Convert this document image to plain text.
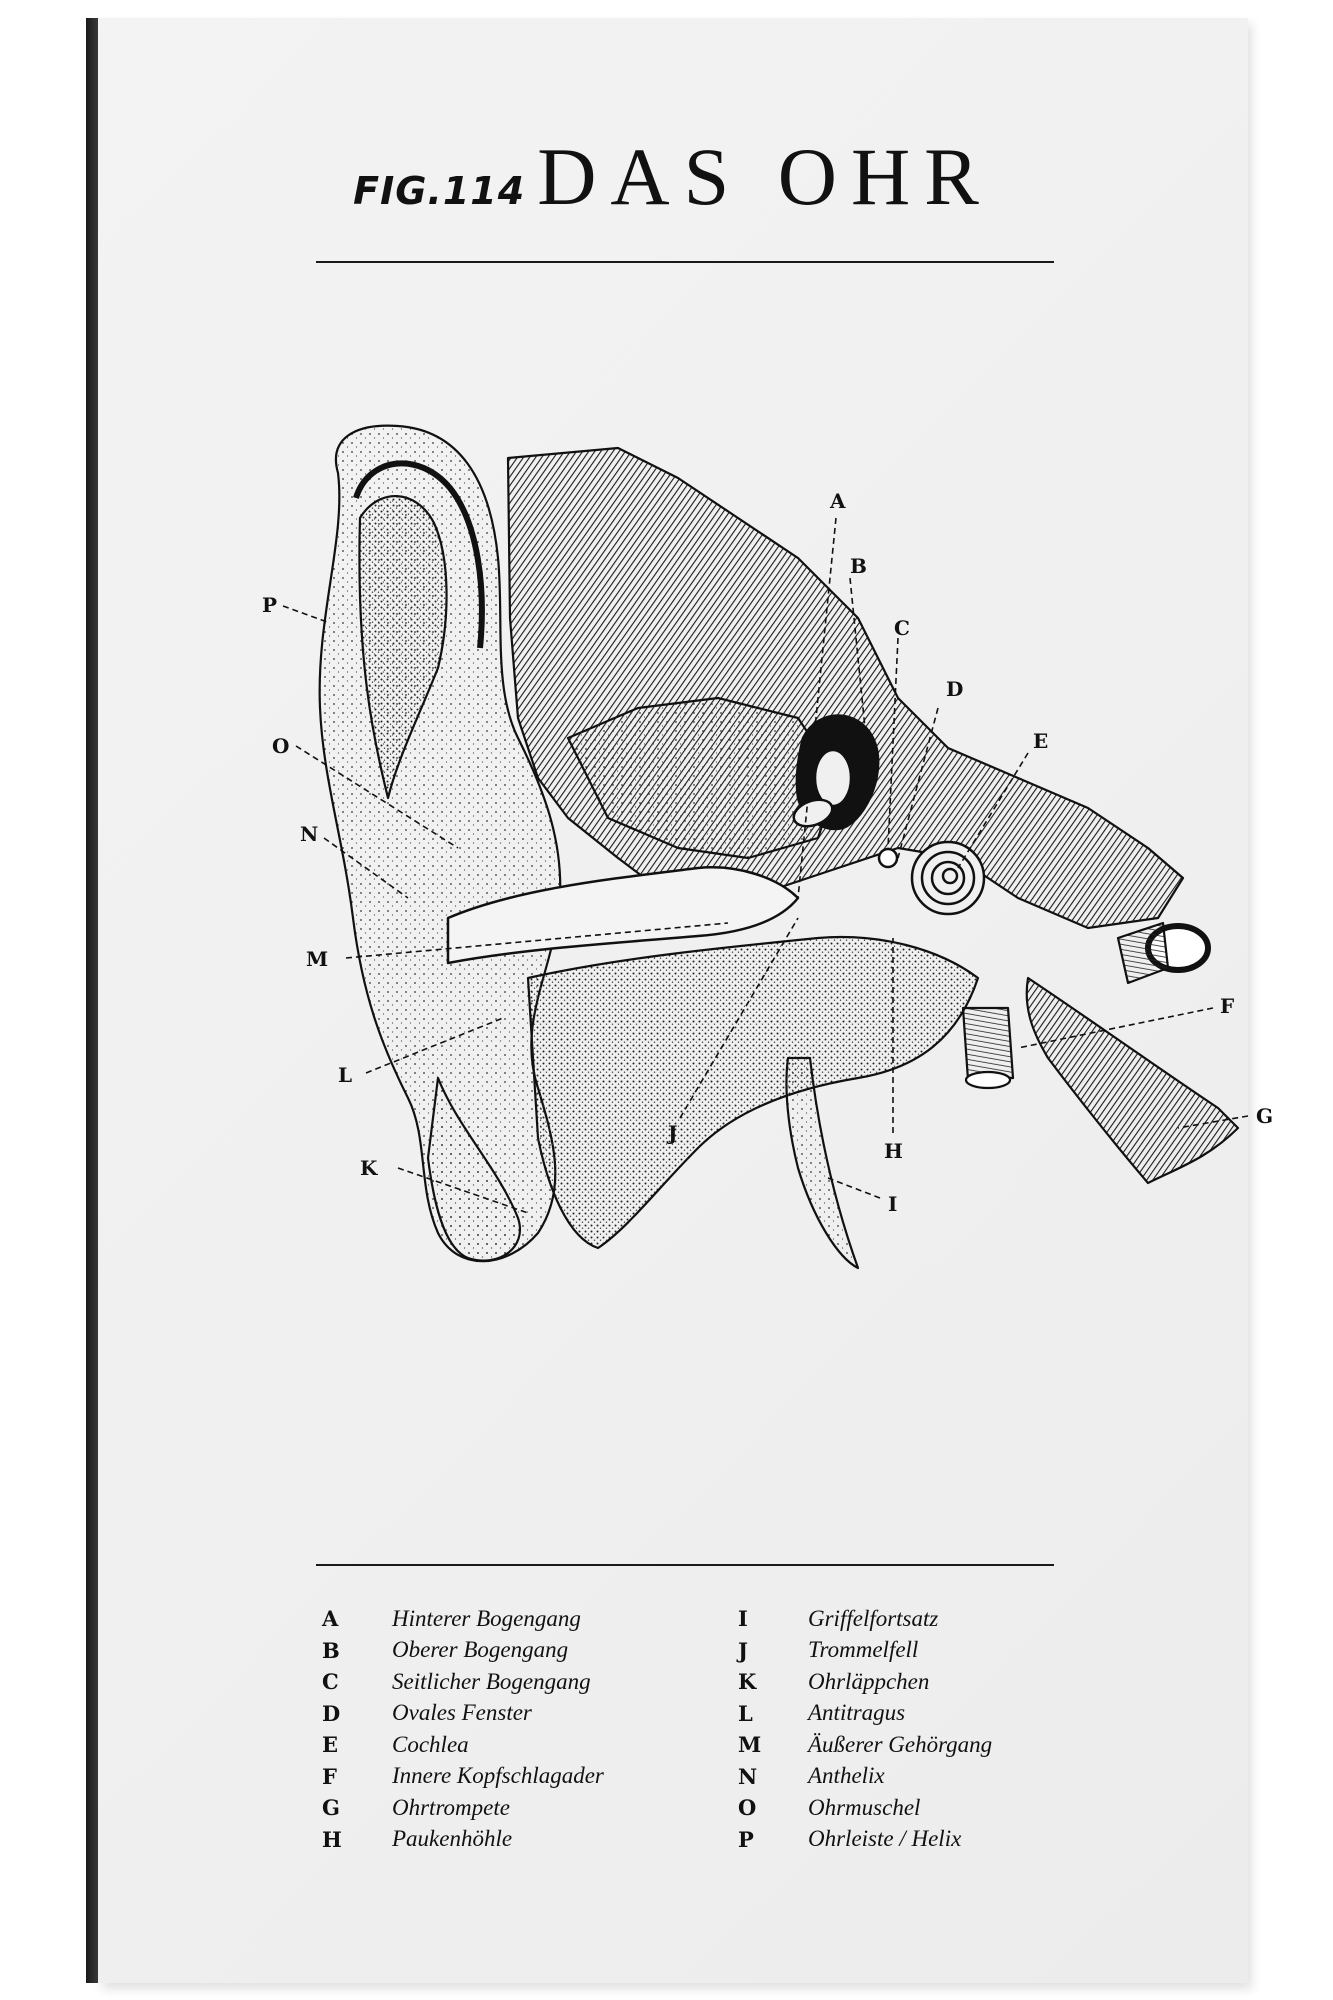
FIG.114 DAS OHR
A
B
C
D
E
F
G
H
I
J
K
L
M
N
O
P
A	Hinterer Bogengang
B	Oberer Bogengang
C	Seitlicher Bogengang
D	Ovales Fenster
E	Cochlea
F	Innere Kopfschlagader
G	Ohrtrompete
H	Paukenhöhle
I	Griffelfortsatz
J	Trommelfell
K	Ohrläppchen
L	Antitragus
M	Äußerer Gehörgang
N	Anthelix
O	Ohrmuschel
P	Ohrleiste / Helix
